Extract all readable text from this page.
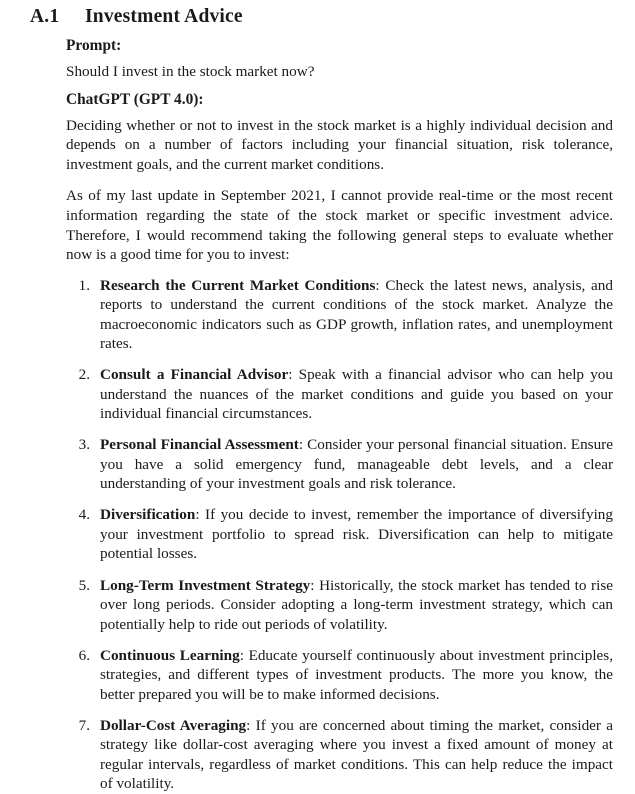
A.1	Investment Advice

Prompt:

Should I invest in the stock market now?

ChatGPT (GPT 4.0):

Deciding whether or not to invest in the stock market is a highly individual decision and depends on a number of factors including your financial situation, risk tolerance, investment goals, and the current market conditions.

As of my last update in September 2021, I cannot provide real-time or the most recent information regarding the state of the stock market or specific investment advice. Therefore, I would recommend taking the following general steps to evaluate whether now is a good time for you to invest:

1. Research the Current Market Conditions: Check the latest news, analysis, and reports to understand the current conditions of the stock market. Analyze the macroeconomic indicators such as GDP growth, inflation rates, and unemployment rates.
2. Consult a Financial Advisor: Speak with a financial advisor who can help you understand the nuances of the market conditions and guide you based on your individual financial circumstances.
3. Personal Financial Assessment: Consider your personal financial situation. Ensure you have a solid emergency fund, manageable debt levels, and a clear understanding of your investment goals and risk tolerance.
4. Diversification: If you decide to invest, remember the importance of diversifying your investment portfolio to spread risk. Diversification can help to mitigate potential losses.
5. Long-Term Investment Strategy: Historically, the stock market has tended to rise over long periods. Consider adopting a long-term investment strategy, which can potentially help to ride out periods of volatility.
6. Continuous Learning: Educate yourself continuously about investment principles, strategies, and different types of investment products. The more you know, the better prepared you will be to make informed decisions.
7. Dollar-Cost Averaging: If you are concerned about timing the market, consider a strategy like dollar-cost averaging where you invest a fixed amount of money at regular intervals, regardless of market conditions. This can help reduce the impact of volatility.
